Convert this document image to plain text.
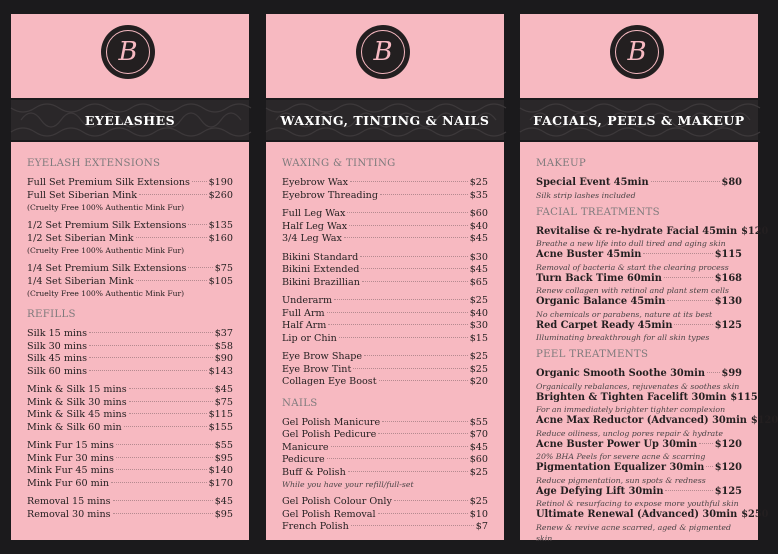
B
EYELASHES
EYELASH EXTENSIONS
Full Set Premium Silk Extensions $190
Full Set Siberian Mink	$260
(Cruelty Free 100% Authentic Mink Fur)
1/2 Set Premium Silk Extensions $135
1/2 Set Siberian Mink	$160
(Cruelty Free 100% Authentic Mink Fur)
1/4 Set Premium Silk Extensions	$75
1/4 Set Siberian Mink	$105
(Cruelty Free 100% Authentic Mink Fur)
REFILLS
Silk 15 mins	$37
Silk 30 mins	$58
Silk 45 mins	$90
Silk 60 mins	$143
Mink & Silk 15 mins	$45
Mink & Silk 30 mins	$75
Mink & Silk 45 mins	$115
Mink & Silk 60 min	$155
Mink Fur 15 mins	$55
Mink Fur 30 mins	$95
Mink Fur 45 mins	$140
Mink Fur 60 min	$170
Removal 15 mins	$45
Removal 30 mins	$95
B
WAXING, TINTING & NAILS
WAXING & TINTING
Eyebrow Wax	$25
Eyebrow Threading	$35
Full Leg Wax	$60
Half Leg Wax	$40
3/4 Leg Wax	$45
Bikini Standard	$30
Bikini Extended	$45
Bikini Brazillian	$65
Underarm	$25
Full Arm	$40
Half Arm	$30
Lip or Chin	$15
Eye Brow Shape	$25
Eye Brow Tint	$25
Collagen Eye Boost	$20
NAILS
Gel Polish Manicure	$55
Gel Polish Pedicure	$70
Manicure	$45
Pedicure	$60
Buff & Polish	$25
While you have your refill/full-set
Gel Polish Colour Only	$25
Gel Polish Removal	$10
French Polish	$7
B
FACIALS, PEELS & MAKEUP
MAKEUP
Special Event 45min	$80
Silk strip lashes included
FACIAL TREATMENTS
Revitalise & re-hydrate Facial 45min $120
Breathe a new life into dull tired and aging skin
Acne Buster 45min	$115
Removal of bacteria & start the clearing process
Turn Back Time 60min	$168
Renew collagen with retinol and plant stem cells
Organic Balance 45min	$130
No chemicals or parabens, nature at its best
Red Carpet Ready 45min	$125
Illuminating breakthrough for all skin types
PEEL TREATMENTS
Organic Smooth Soothe 30min $99
Organically rebalances, rejuvenates & soothes skin
Brighten & Tighten Facelift 30min $115
For an immediately brighter tighter complexion
Acne Max Reductor (Advanced) 30min $120
Reduce oiliness, unclog pores repair & hydrate
Acne Buster Power Up 30min $120
20% BHA Peels for severe acne & scarring
Pigmentation Equalizer 30min $120
Reduce pigmentation, sun spots & redness
Age Defying Lift 30min	$125
Retinol & resurfacing to expose more youthful skin
Ultimate Renewal (Advanced) 30min $250
Renew & revive acne scarred, aged & pigmented skin
